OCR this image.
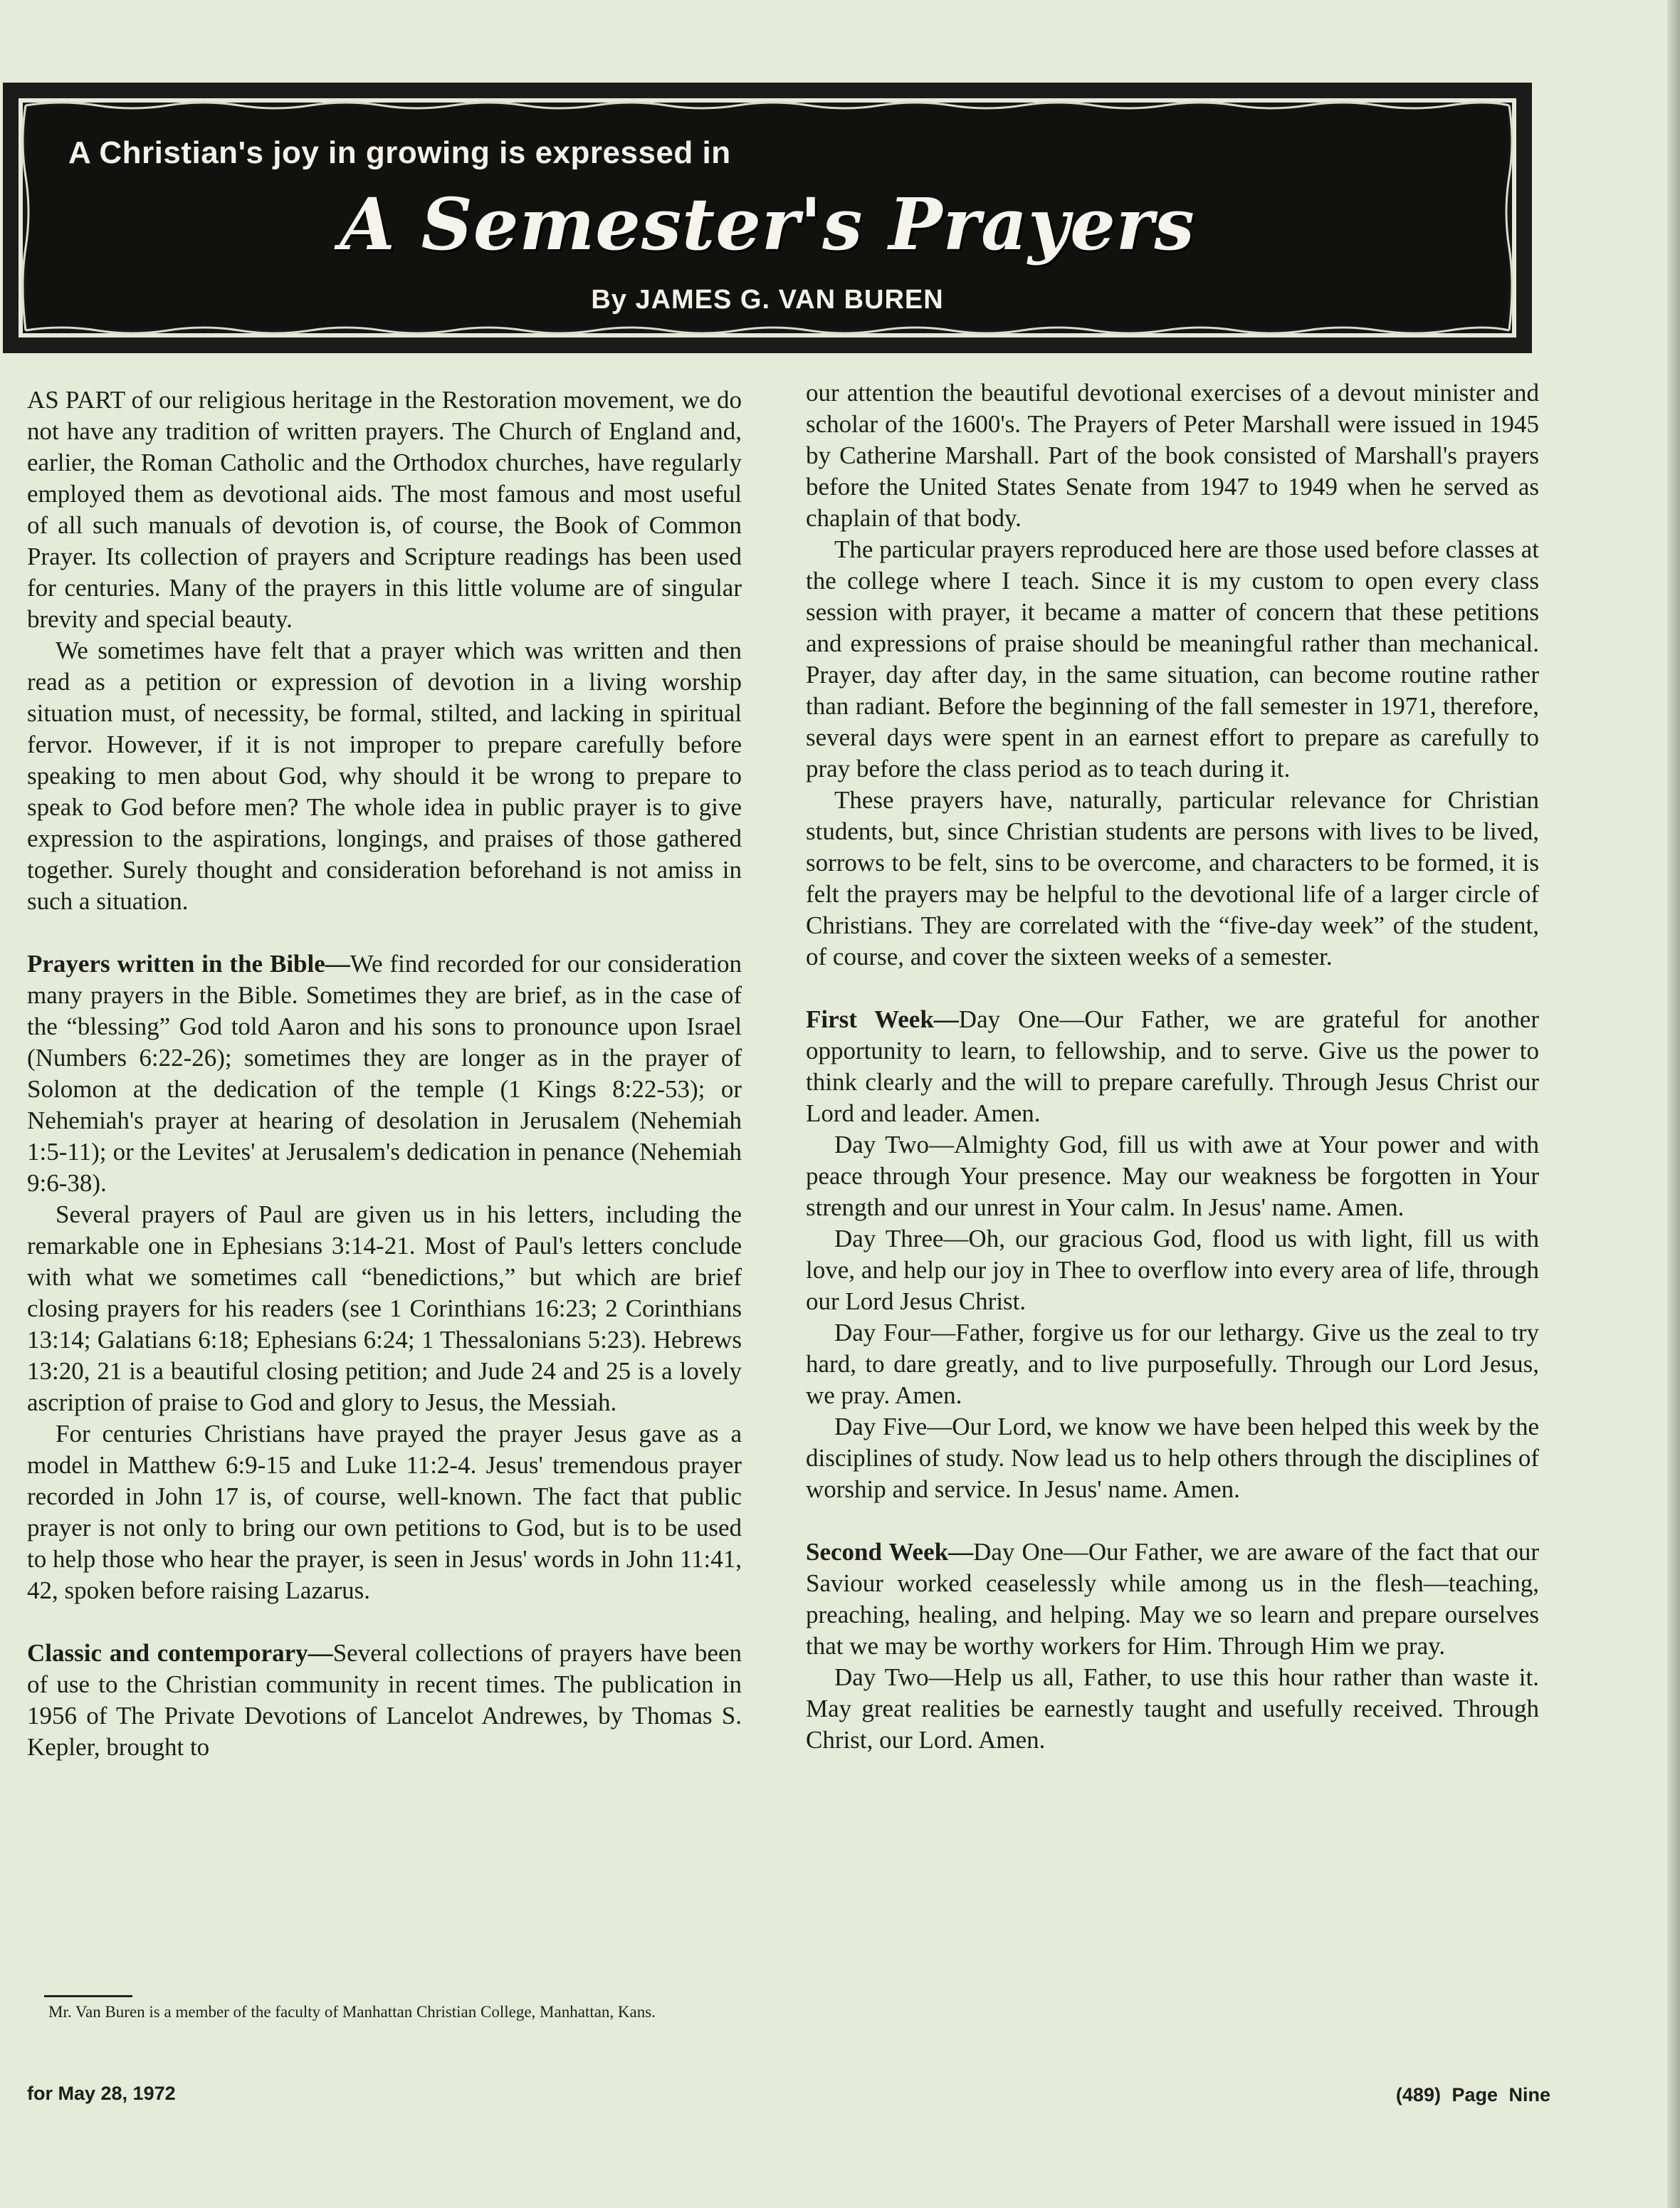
A Christian's joy in growing is expressed in
A Semester's Prayers
By JAMES G. VAN BUREN

AS PART of our religious heritage in the Restoration movement, we do not have any tradition of written prayers. The Church of England and, earlier, the Roman Catholic and the Orthodox churches, have regularly employed them as devotional aids. The most famous and most useful of all such manuals of devotion is, of course, the Book of Common Prayer. Its collection of prayers and Scripture readings has been used for centuries. Many of the prayers in this little volume are of singular brevity and special beauty.

We sometimes have felt that a prayer which was written and then read as a petition or expression of devotion in a living worship situation must, of necessity, be formal, stilted, and lacking in spiritual fervor. However, if it is not improper to prepare carefully before speaking to men about God, why should it be wrong to prepare to speak to God before men? The whole idea in public prayer is to give expression to the aspirations, longings, and praises of those gathered together. Surely thought and consideration beforehand is not amiss in such a situation.

Prayers written in the Bible—We find recorded for our consideration many prayers in the Bible. Sometimes they are brief, as in the case of the “blessing” God told Aaron and his sons to pronounce upon Israel (Numbers 6:22-26); sometimes they are longer as in the prayer of Solomon at the dedication of the temple (1 Kings 8:22-53); or Nehemiah's prayer at hearing of desolation in Jerusalem (Nehemiah 1:5-11); or the Levites' at Jerusalem's dedication in penance (Nehemiah 9:6-38).

Several prayers of Paul are given us in his letters, including the remarkable one in Ephesians 3:14-21. Most of Paul's letters conclude with what we sometimes call “benedictions,” but which are brief closing prayers for his readers (see 1 Corinthians 16:23; 2 Corinthians 13:14; Galatians 6:18; Ephesians 6:24; 1 Thessalonians 5:23). Hebrews 13:20, 21 is a beautiful closing petition; and Jude 24 and 25 is a lovely ascription of praise to God and glory to Jesus, the Messiah.

For centuries Christians have prayed the prayer Jesus gave as a model in Matthew 6:9-15 and Luke 11:2-4. Jesus' tremendous prayer recorded in John 17 is, of course, well-known. The fact that public prayer is not only to bring our own petitions to God, but is to be used to help those who hear the prayer, is seen in Jesus' words in John 11:41, 42, spoken before raising Lazarus.

Classic and contemporary—Several collections of prayers have been of use to the Christian community in recent times. The publication in 1956 of The Private Devotions of Lancelot Andrewes, by Thomas S. Kepler, brought to

Mr. Van Buren is a member of the faculty of Manhattan Christian College, Manhattan, Kans.

our attention the beautiful devotional exercises of a devout minister and scholar of the 1600's. The Prayers of Peter Marshall were issued in 1945 by Catherine Marshall. Part of the book consisted of Marshall's prayers before the United States Senate from 1947 to 1949 when he served as chaplain of that body.

The particular prayers reproduced here are those used before classes at the college where I teach. Since it is my custom to open every class session with prayer, it became a matter of concern that these petitions and expressions of praise should be meaningful rather than mechanical. Prayer, day after day, in the same situation, can become routine rather than radiant. Before the beginning of the fall semester in 1971, therefore, several days were spent in an earnest effort to prepare as carefully to pray before the class period as to teach during it.

These prayers have, naturally, particular relevance for Christian students, but, since Christian students are persons with lives to be lived, sorrows to be felt, sins to be overcome, and characters to be formed, it is felt the prayers may be helpful to the devotional life of a larger circle of Christians. They are correlated with the “five-day week” of the student, of course, and cover the sixteen weeks of a semester.

First Week—Day One—Our Father, we are grateful for another opportunity to learn, to fellowship, and to serve. Give us the power to think clearly and the will to prepare carefully. Through Jesus Christ our Lord and leader. Amen.

Day Two—Almighty God, fill us with awe at Your power and with peace through Your presence. May our weakness be forgotten in Your strength and our unrest in Your calm. In Jesus' name. Amen.

Day Three—Oh, our gracious God, flood us with light, fill us with love, and help our joy in Thee to overflow into every area of life, through our Lord Jesus Christ.

Day Four—Father, forgive us for our lethargy. Give us the zeal to try hard, to dare greatly, and to live purposefully. Through our Lord Jesus, we pray. Amen.

Day Five—Our Lord, we know we have been helped this week by the disciplines of study. Now lead us to help others through the disciplines of worship and service. In Jesus' name. Amen.

Second Week—Day One—Our Father, we are aware of the fact that our Saviour worked ceaselessly while among us in the flesh—teaching, preaching, healing, and helping. May we so learn and prepare ourselves that we may be worthy workers for Him. Through Him we pray.

Day Two—Help us all, Father, to use this hour rather than waste it. May great realities be earnestly taught and usefully received. Through Christ, our Lord. Amen.

for May 28, 1972	(489) Page Nine
